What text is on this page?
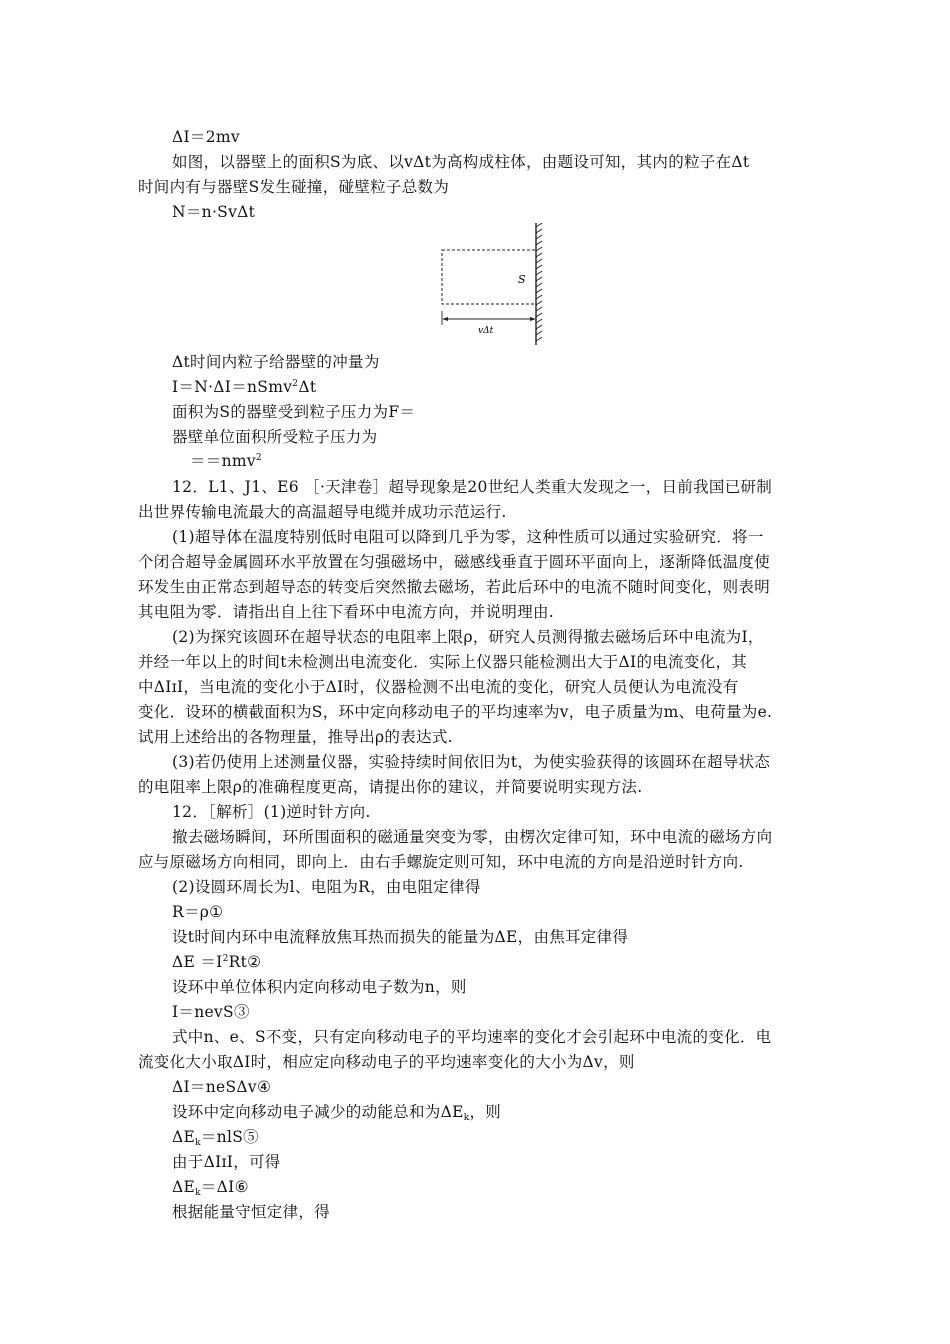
ΔI＝2mv
如图，以器壁上的面积S为底、以vΔt为高构成柱体，由题设可知，其内的粒子在Δt
时间内有与器壁S发生碰撞，碰壁粒子总数为
N＝n·SvΔt
S
vΔt
Δt时间内粒子给器壁的冲量为
I＝N·ΔI＝nSmv$^2$Δt
面积为S的器壁受到粒子压力为F＝
器壁单位面积所受粒子压力为
＝＝nmv$^2$
12．L1、J1、E6 ［·天津卷］超导现象是20世纪人类重大发现之一，日前我国已研制
出世界传输电流最大的高温超导电缆并成功示范运行.
(1)超导体在温度特别低时电阻可以降到几乎为零，这种性质可以通过实验研究．将一
个闭合超导金属圆环水平放置在匀强磁场中，磁感线垂直于圆环平面向上，逐渐降低温度使
环发生由正常态到超导态的转变后突然撤去磁场，若此后环中的电流不随时间变化，则表明
其电阻为零．请指出自上往下看环中电流方向，并说明理由.
(2)为探究该圆环在超导状态的电阻率上限ρ，研究人员测得撤去磁场后环中电流为I，
并经一年以上的时间t未检测出电流变化．实际上仪器只能检测出大于ΔI的电流变化，其
中ΔIɪI，当电流的变化小于ΔI时，仪器检测不出电流的变化，研究人员便认为电流没有
变化．设环的横截面积为S，环中定向移动电子的平均速率为v，电子质量为m、电荷量为e.
试用上述给出的各物理量，推导出ρ的表达式.
(3)若仍使用上述测量仪器，实验持续时间依旧为t，为使实验获得的该圆环在超导状态
的电阻率上限ρ的准确程度更高，请提出你的建议，并简要说明实现方法.
12．［解析］(1)逆时针方向.
撤去磁场瞬间，环所围面积的磁通量突变为零，由楞次定律可知，环中电流的磁场方向
应与原磁场方向相同，即向上．由右手螺旋定则可知，环中电流的方向是沿逆时针方向.
(2)设圆环周长为l、电阻为R，由电阻定律得
R＝ρ①
设t时间内环中电流释放焦耳热而损失的能量为ΔE，由焦耳定律得
$\Delta E =I^2Rt②$
设环中单位体积内定向移动电子数为n，则
I＝nevS③
式中n、e、S不变，只有定向移动电子的平均速率的变化才会引起环中电流的变化．电
流变化大小取ΔI时，相应定向移动电子的平均速率变化的大小为Δv，则
ΔI＝neSΔv④
设环中定向移动电子减少的动能总和为$\Delta E_k$，则
$\Delta E_k=nlS⑤$
由于ΔIɪI，可得
$\Delta E_k=\Delta I⑥$
根据能量守恒定律，得
